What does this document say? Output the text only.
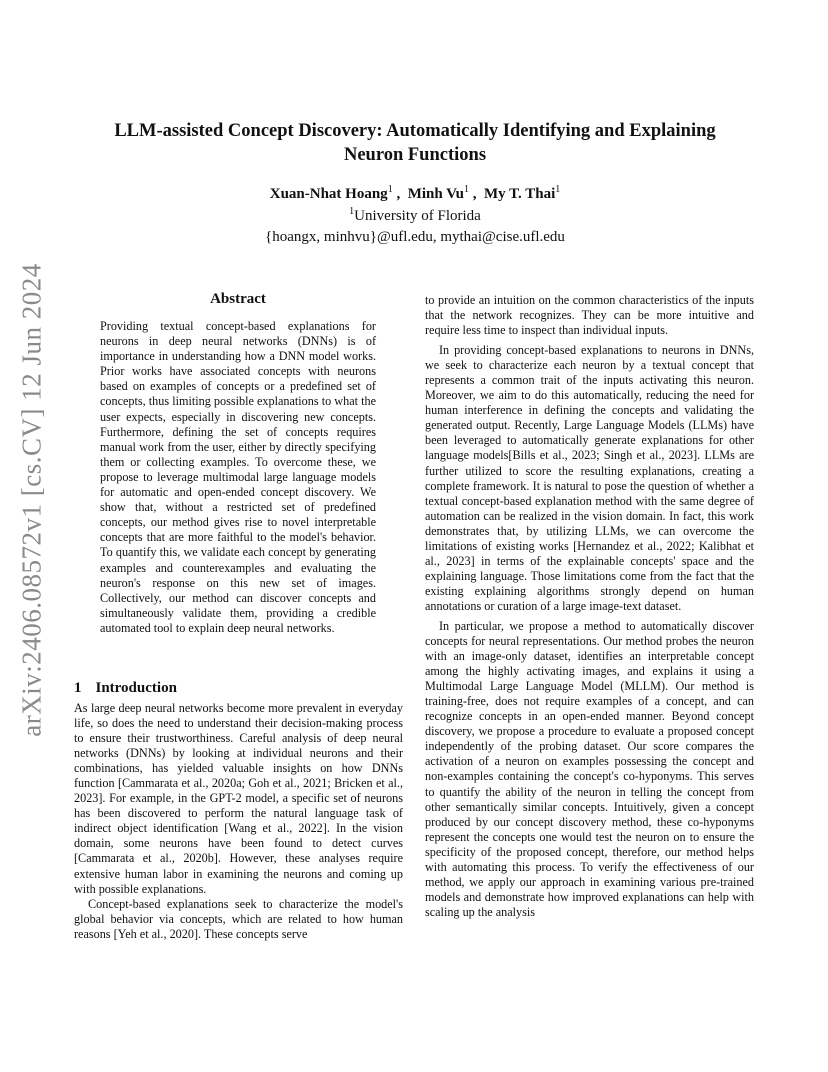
arXiv:2406.08572v1 [cs.CV] 12 Jun 2024
LLM-assisted Concept Discovery: Automatically Identifying and Explaining Neuron Functions
Xuan-Nhat Hoang$^1$ ,  Minh Vu$^1$ ,  My T. Thai$^1$
$^1$University of Florida
{hoangx, minhvu}@ufl.edu, mythai@cise.ufl.edu
Abstract
Providing textual concept-based explanations for neurons in deep neural networks (DNNs) is of importance in understanding how a DNN model works. Prior works have associated concepts with neurons based on examples of concepts or a predefined set of concepts, thus limiting possible explanations to what the user expects, especially in discovering new concepts. Furthermore, defining the set of concepts requires manual work from the user, either by directly specifying them or collecting examples. To overcome these, we propose to leverage multimodal large language models for automatic and open-ended concept discovery. We show that, without a restricted set of predefined concepts, our method gives rise to novel interpretable concepts that are more faithful to the model's behavior. To quantify this, we validate each concept by generating examples and counterexamples and evaluating the neuron's response on this new set of images. Collectively, our method can discover concepts and simultaneously validate them, providing a credible automated tool to explain deep neural networks.
1 Introduction

As large deep neural networks become more prevalent in everyday life, so does the need to understand their decision-making process to ensure their trustworthiness. Careful analysis of deep neural networks (DNNs) by looking at individual neurons and their combinations, has yielded valuable insights on how DNNs function [Cammarata et al., 2020a; Goh et al., 2021; Bricken et al., 2023]. For example, in the GPT-2 model, a specific set of neurons has been discovered to perform the natural language task of indirect object identification [Wang et al., 2022]. In the vision domain, some neurons have been found to detect curves [Cammarata et al., 2020b]. However, these analyses require extensive human labor in examining the neurons and coming up with possible explanations.

Concept-based explanations seek to characterize the model's global behavior via concepts, which are related to how human reasons [Yeh et al., 2020]. These concepts serve

to provide an intuition on the common characteristics of the inputs that the network recognizes. They can be more intuitive and require less time to inspect than individual inputs.

In providing concept-based explanations to neurons in DNNs, we seek to characterize each neuron by a textual concept that represents a common trait of the inputs activating this neuron. Moreover, we aim to do this automatically, reducing the need for human interference in defining the concepts and validating the generated output. Recently, Large Language Models (LLMs) have been leveraged to automatically generate explanations for other language models[Bills et al., 2023; Singh et al., 2023]. LLMs are further utilized to score the resulting explanations, creating a complete framework. It is natural to pose the question of whether a textual concept-based explanation method with the same degree of automation can be realized in the vision domain. In fact, this work demonstrates that, by utilizing LLMs, we can overcome the limitations of existing works [Hernandez et al., 2022; Kalibhat et al., 2023] in terms of the explainable concepts' space and the explaining language. Those limitations come from the fact that the existing explaining algorithms strongly depend on human annotations or curation of a large image-text dataset.

In particular, we propose a method to automatically discover concepts for neural representations. Our method probes the neuron with an image-only dataset, identifies an interpretable concept among the highly activating images, and explains it using a Multimodal Large Language Model (MLLM). Our method is training-free, does not require examples of a concept, and can recognize concepts in an open-ended manner. Beyond concept discovery, we propose a procedure to evaluate a proposed concept independently of the probing dataset. Our score compares the activation of a neuron on examples possessing the concept and non-examples containing the concept's co-hyponyms. This serves to quantify the ability of the neuron in telling the concept from other semantically similar concepts. Intuitively, given a concept produced by our concept discovery method, these co-hyponyms represent the concepts one would test the neuron on to ensure the specificity of the proposed concept, therefore, our method helps with automating this process. To verify the effectiveness of our method, we apply our approach in examining various pre-trained models and demonstrate how improved explanations can help with scaling up the analysis
